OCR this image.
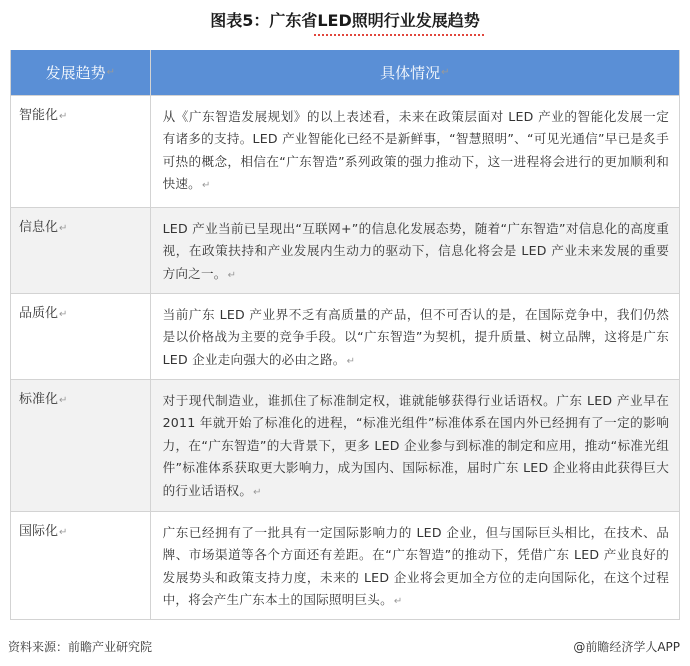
图表5：广东省LED照明行业发展趋势
发展趋势 ↵	具体情况 ↵
智能化↵	从《广东智造发展规划》的以上表述看，未来在政策层面对 LED 产业的智能化发展一定有诸多的支持。LED 产业智能化已经不是新鲜事，“智慧照明”、“可见光通信”早已是炙手可热的概念，相信在“广东智造”系列政策的强力推动下，这一进程将会进行的更加顺利和快速。↵
信息化↵	LED 产业当前已呈现出“互联网+”的信息化发展态势，随着“广东智造”对信息化的高度重视，在政策扶持和产业发展内生动力的驱动下，信息化将会是 LED 产业未来发展的重要方向之一。↵
品质化↵	当前广东 LED 产业界不乏有高质量的产品，但不可否认的是，在国际竞争中，我们仍然是以价格战为主要的竞争手段。以“广东智造”为契机，提升质量、树立品牌，这将是广东 LED 企业走向强大的必由之路。↵
标准化↵	对于现代制造业，谁抓住了标准制定权，谁就能够获得行业话语权。广东 LED 产业早在 2011 年就开始了标准化的进程，“标准光组件”标准体系在国内外已经拥有了一定的影响力，在“广东智造”的大背景下，更多 LED 企业参与到标准的制定和应用，推动“标准光组件”标准体系获取更大影响力，成为国内、国际标准，届时广东 LED 企业将由此获得巨大的行业话语权。↵
国际化↵	广东已经拥有了一批具有一定国际影响力的 LED 企业，但与国际巨头相比，在技术、品牌、市场渠道等各个方面还有差距。在“广东智造”的推动下，凭借广东 LED 产业良好的发展势头和政策支持力度，未来的 LED 企业将会更加全方位的走向国际化，在这个过程中，将会产生广东本土的国际照明巨头。↵
资料来源：前瞻产业研究院	@前瞻经济学人APP
